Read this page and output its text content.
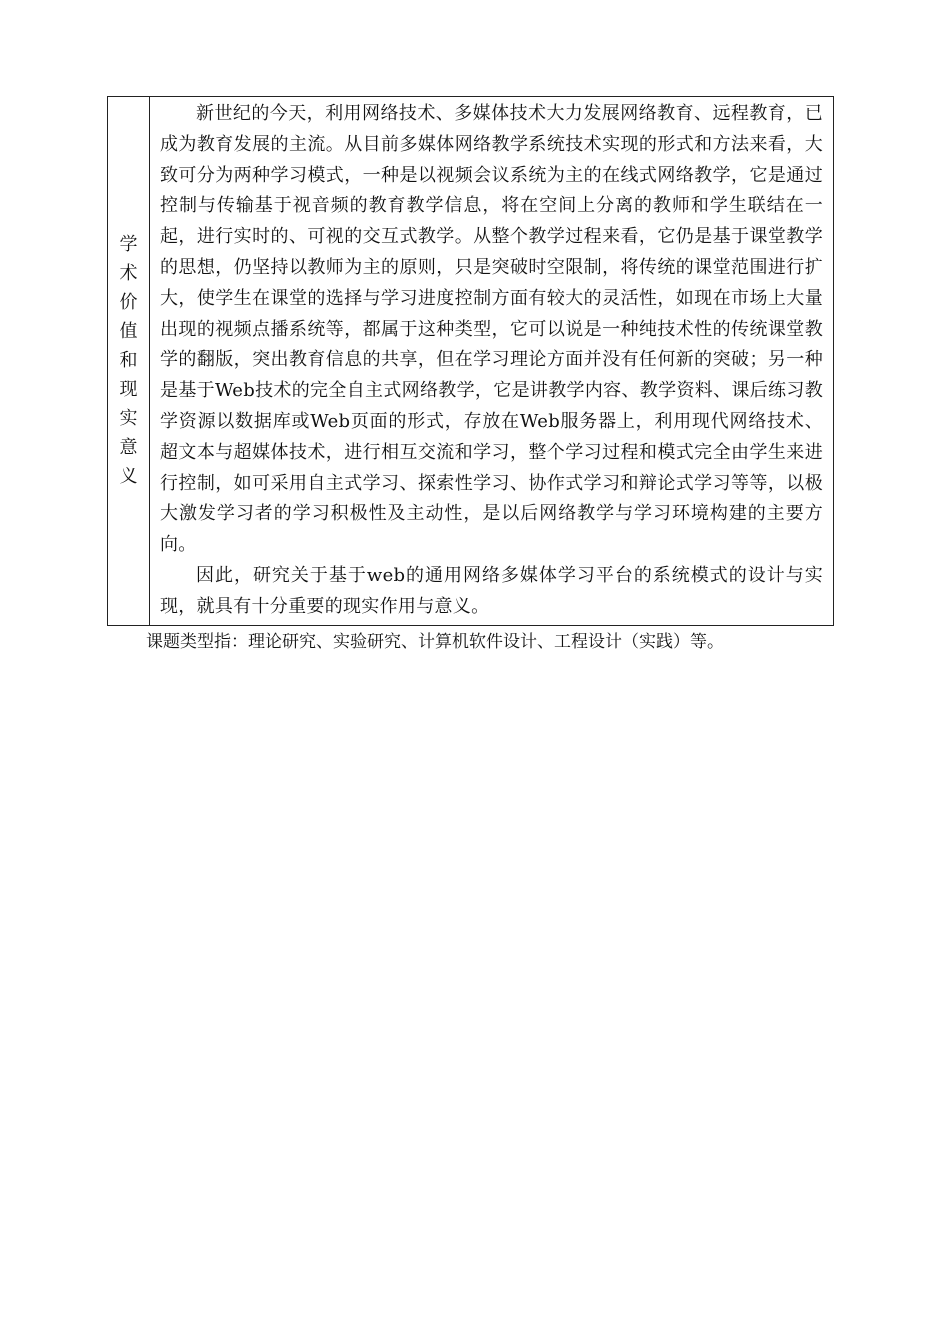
学术价值和现实意义	

新世纪的今天，利用网络技术、多媒体技术大力发展网络教育、远程教育，已成为教育发展的主流。从目前多媒体网络教学系统技术实现的形式和方法来看，大致可分为两种学习模式，一种是以视频会议系统为主的在线式网络教学，它是通过控制与传输基于视音频的教育教学信息，将在空间上分离的教师和学生联结在一起，进行实时的、可视的交互式教学。从整个教学过程来看，它仍是基于课堂教学的思想，仍坚持以教师为主的原则，只是突破时空限制，将传统的课堂范围进行扩大，使学生在课堂的选择与学习进度控制方面有较大的灵活性，如现在市场上大量出现的视频点播系统等，都属于这种类型，它可以说是一种纯技术性的传统课堂教学的翻版，突出教育信息的共享，但在学习理论方面并没有任何新的突破；另一种是基于Web技术的完全自主式网络教学，它是讲教学内容、教学资料、课后练习教学资源以数据库或Web页面的形式，存放在Web服务器上，利用现代网络技术、超文本与超媒体技术，进行相互交流和学习，整个学习过程和模式完全由学生来进行控制，如可采用自主式学习、探索性学习、协作式学习和辩论式学习等等，以极大激发学习者的学习积极性及主动性，是以后网络教学与学习环境构建的主要方向。

因此，研究关于基于web的通用网络多媒体学习平台的系统模式的设计与实现，就具有十分重要的现实作用与意义。

课题类型指：理论研究、实验研究、计算机软件设计、工程设计（实践）等。
